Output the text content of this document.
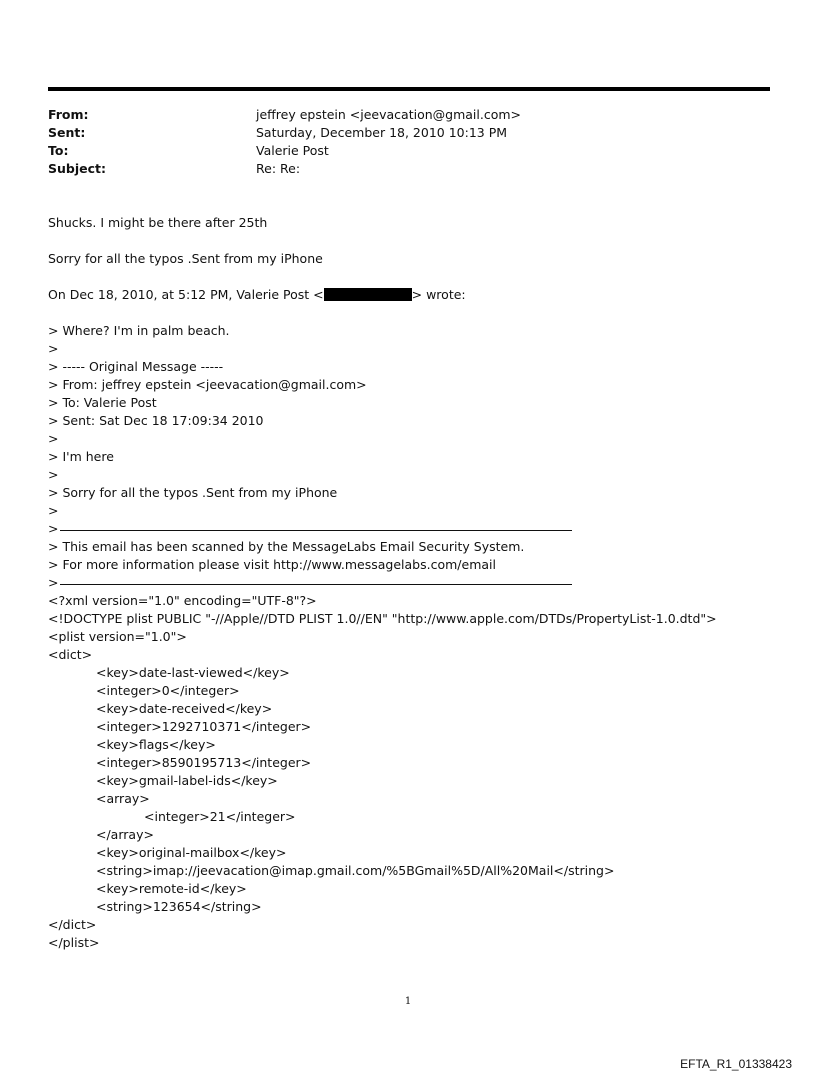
From:	jeffrey epstein <jeevacation@gmail.com>
Sent:	Saturday, December 18, 2010 10:13 PM
To:	Valerie Post
Subject:	Re: Re:
Shucks. I might be there after 25th
Sorry for all the typos .Sent from my iPhone
On Dec 18, 2010, at 5:12 PM, Valerie Post <	> wrote:
> Where? I'm in palm beach.
>
> ----- Original Message -----
> From: jeffrey epstein <jeevacation@gmail.com>
> To: Valerie Post
> Sent: Sat Dec 18 17:09:34 2010
>
> I'm here
>
> Sorry for all the typos .Sent from my iPhone
>
>
> This email has been scanned by the MessageLabs Email Security System.
> For more information please visit http://www.messagelabs.com/email
>
<?xml version="1.0" encoding="UTF-8"?>
<!DOCTYPE plist PUBLIC "-//Apple//DTD PLIST 1.0//EN" "http://www.apple.com/DTDs/PropertyList-1.0.dtd">
<plist version="1.0">
<dict>
<key>date-last-viewed</key>
<integer>0</integer>
<key>date-received</key>
<integer>1292710371</integer>
<key>flags</key>
<integer>8590195713</integer>
<key>gmail-label-ids</key>
<array>
<integer>21</integer>
</array>
<key>original-mailbox</key>
<string>imap://jeevacation@imap.gmail.com/%5BGmail%5D/All%20Mail</string>
<key>remote-id</key>
<string>123654</string>
</dict>
</plist>
1
EFTA_R1_01338423
